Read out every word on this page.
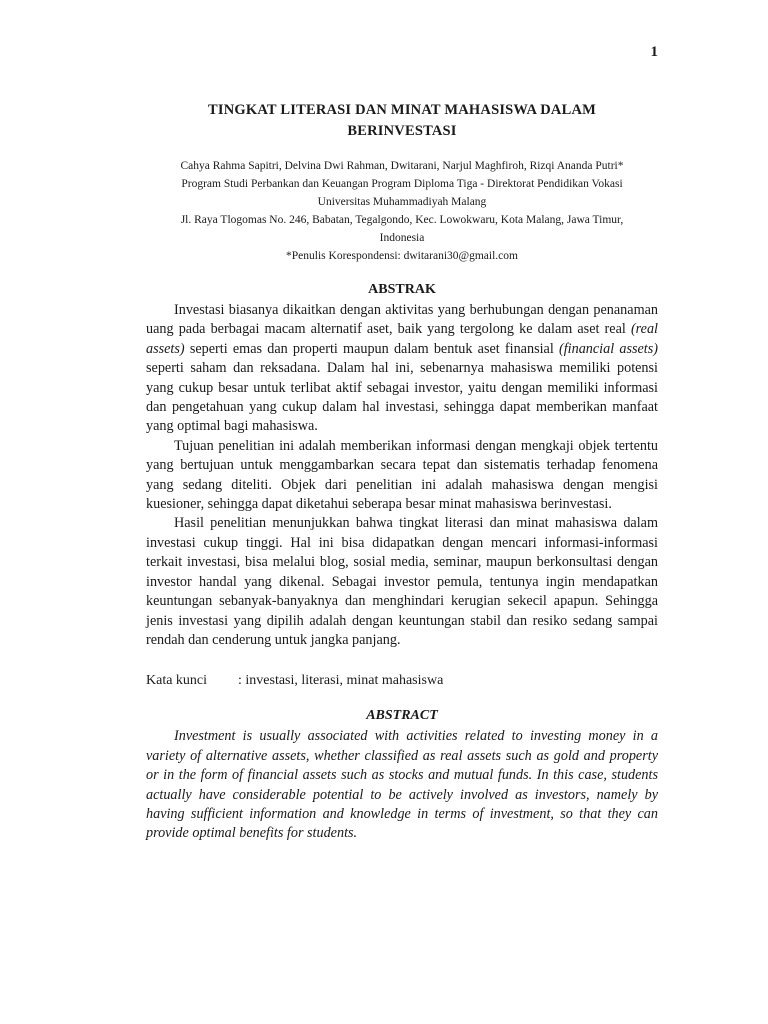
1
TINGKAT LITERASI DAN MINAT MAHASISWA DALAM
BERINVESTASI
Cahya Rahma Sapitri, Delvina Dwi Rahman, Dwitarani, Narjul Maghfiroh, Rizqi Ananda Putri*
Program Studi Perbankan dan Keuangan Program Diploma Tiga - Direktorat Pendidikan Vokasi
Universitas Muhammadiyah Malang
Jl. Raya Tlogomas No. 246, Babatan, Tegalgondo, Kec. Lowokwaru, Kota Malang, Jawa Timur,
Indonesia
*Penulis Korespondensi: dwitarani30@gmail.com
ABSTRAK

Investasi biasanya dikaitkan dengan aktivitas yang berhubungan dengan penanaman uang pada berbagai macam alternatif aset, baik yang tergolong ke dalam aset real (real assets) seperti emas dan properti maupun dalam bentuk aset finansial (financial assets) seperti saham dan reksadana. Dalam hal ini, sebenarnya mahasiswa memiliki potensi yang cukup besar untuk terlibat aktif sebagai investor, yaitu dengan memiliki informasi dan pengetahuan yang cukup dalam hal investasi, sehingga dapat memberikan manfaat yang optimal bagi mahasiswa.

Tujuan penelitian ini adalah memberikan informasi dengan mengkaji objek tertentu yang bertujuan untuk menggambarkan secara tepat dan sistematis terhadap fenomena yang sedang diteliti. Objek dari penelitian ini adalah mahasiswa dengan mengisi kuesioner, sehingga dapat diketahui seberapa besar minat mahasiswa berinvestasi.

Hasil penelitian menunjukkan bahwa tingkat literasi dan minat mahasiswa dalam investasi cukup tinggi. Hal ini bisa didapatkan dengan mencari informasi-informasi terkait investasi, bisa melalui blog, sosial media, seminar, maupun berkonsultasi dengan investor handal yang dikenal. Sebagai investor pemula, tentunya ingin mendapatkan keuntungan sebanyak-banyaknya dan menghindari kerugian sekecil apapun. Sehingga jenis investasi yang dipilih adalah dengan keuntungan stabil dan resiko sedang sampai rendah dan cenderung untuk jangka panjang.

Kata kunci : investasi, literasi, minat mahasiswa
ABSTRACT

Investment is usually associated with activities related to investing money in a variety of alternative assets, whether classified as real assets such as gold and property or in the form of financial assets such as stocks and mutual funds. In this case, students actually have considerable potential to be actively involved as investors, namely by having sufficient information and knowledge in terms of investment, so that they can provide optimal benefits for students.
